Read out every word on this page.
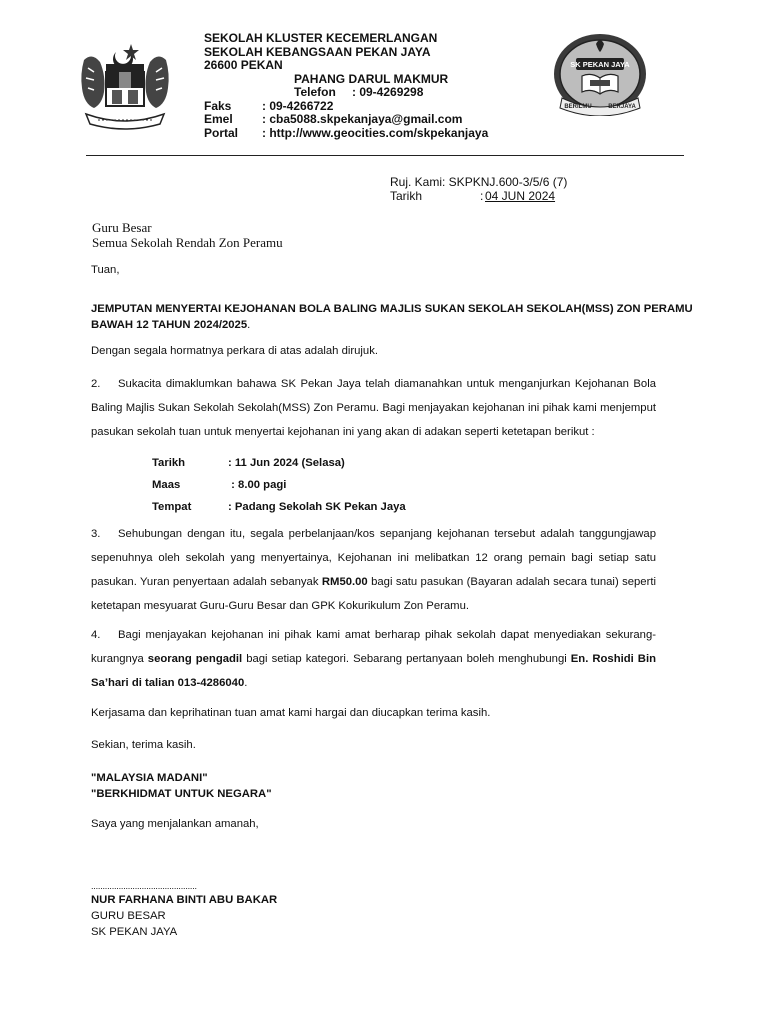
SEKOLAH KLUSTER KECEMERLANGAN
SEKOLAH KEBANGSAAN PEKAN JAYA
26600 PEKAN
PAHANG DARUL MAKMUR
Telefon : 09-4269298
Faks	: 09-4266722
Emel : cba5088.skpekanjaya@gmail.com
Portal : http://www.geocities.com/skpekanjaya
SK PEKAN JAYA
BERILMU	BERJAYA
Ruj. Kami: SKPKNJ.600-3/5/6 (7)
Tarikh	: 04 JUN 2024
Guru Besar
Semua Sekolah Rendah Zon Peramu
Tuan,
JEMPUTAN MENYERTAI KEJOHANAN BOLA BALING MAJLIS SUKAN SEKOLAH SEKOLAH(MSS) ZON PERAMU
BAWAH 12 TAHUN 2024/2025.
Dengan segala hormatnya perkara di atas adalah dirujuk.
2. Sukacita dimaklumkan bahawa SK Pekan Jaya telah diamanahkan untuk menganjurkan Kejohanan Bola Baling Majlis Sukan Sekolah Sekolah(MSS) Zon Peramu. Bagi menjayakan kejohanan ini pihak kami menjemput pasukan sekolah tuan untuk menyertai kejohanan ini yang akan di adakan seperti ketetapan berikut :
Tarikh	: 11 Jun 2024 (Selasa)
Maas	: 8.00 pagi
Tempat	: Padang Sekolah SK Pekan Jaya
3. Sehubungan dengan itu, segala perbelanjaan/kos sepanjang kejohanan tersebut adalah tanggungjawap sepenuhnya oleh sekolah yang menyertainya, Kejohanan ini melibatkan 12 orang pemain bagi setiap satu pasukan. Yuran penyertaan adalah sebanyak RM50.00 bagi satu pasukan (Bayaran adalah secara tunai) seperti ketetapan mesyuarat Guru-Guru Besar dan GPK Kokurikulum Zon Peramu.
4. Bagi menjayakan kejohanan ini pihak kami amat berharap pihak sekolah dapat menyediakan sekurang-kurangnya seorang pengadil bagi setiap kategori. Sebarang pertanyaan boleh menghubungi En. Roshidi Bin Sa’hari di talian 013-4286040.
Kerjasama dan keprihatinan tuan amat kami hargai dan diucapkan terima kasih.
Sekian, terima kasih.
"MALAYSIA MADANI"
"BERKHIDMAT UNTUK NEGARA"
Saya yang menjalankan amanah,
..............................................
NUR FARHANA BINTI ABU BAKAR
GURU BESAR
SK PEKAN JAYA
